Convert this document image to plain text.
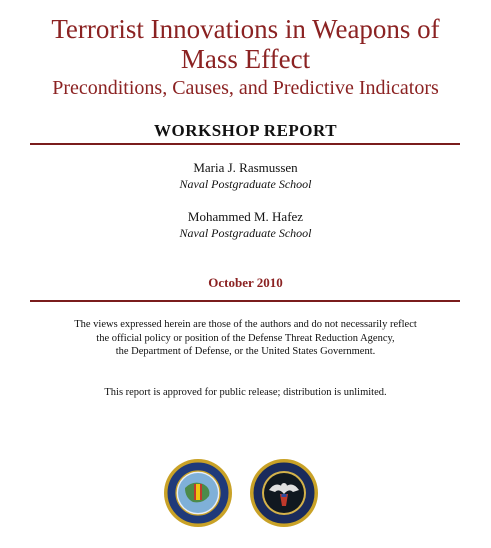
Terrorist Innovations in Weapons of
Mass Effect
Preconditions, Causes, and Predictive Indicators
WORKSHOP REPORT
Maria J. Rasmussen
Naval Postgraduate School
Mohammed M. Hafez
Naval Postgraduate School
October 2010
The views expressed herein are those of the authors and do not necessarily reflect
the official policy or position of the Defense Threat Reduction Agency,
the Department of Defense, or the United States Government.
This report is approved for public release; distribution is unlimited.
